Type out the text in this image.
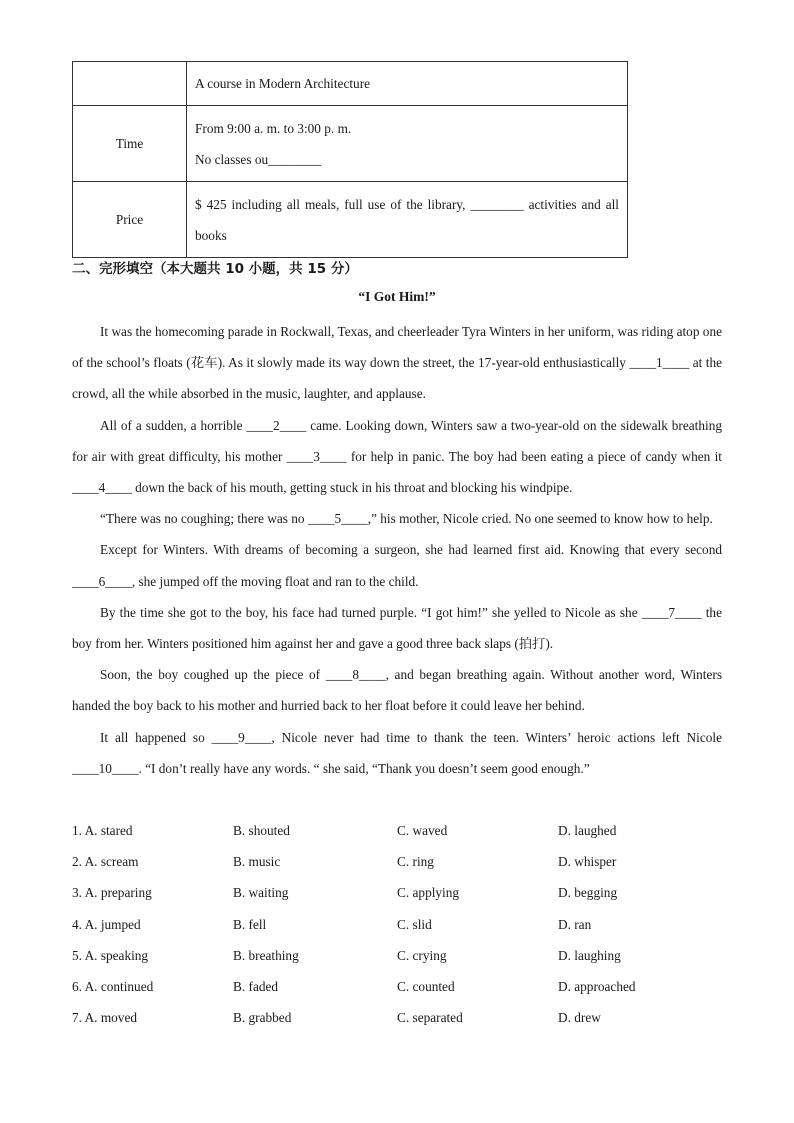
	A course in Modern Architecture
Time	From 9:00 a. m. to 3:00 p. m.
No classes ou________

Price	$ 425 including all meals, full use of the library, ________ activities and all books
二、完形填空（本大题共 10 小题，共 15 分）
“I Got Him!”

It was the homecoming parade in Rockwall, Texas, and cheerleader Tyra Winters in her uniform, was riding atop one of the school’s floats (花车). As it slowly made its way down the street, the 17-year-old enthusiastically ____1____ at the crowd, all the while absorbed in the music, laughter, and applause.

All of a sudden, a horrible ____2____ came. Looking down, Winters saw a two-year-old on the sidewalk breathing for air with great difficulty, his mother ____3____ for help in panic. The boy had been eating a piece of candy when it ____4____ down the back of his mouth, getting stuck in his throat and blocking his windpipe.

“There was no coughing; there was no ____5____,” his mother, Nicole cried. No one seemed to know how to help.

Except for Winters. With dreams of becoming a surgeon, she had learned first aid. Knowing that every second ____6____, she jumped off the moving float and ran to the child.

By the time she got to the boy, his face had turned purple. “I got him!” she yelled to Nicole as she ____7____ the boy from her. Winters positioned him against her and gave a good three back slaps (拍打).

Soon, the boy coughed up the piece of ____8____, and began breathing again. Without another word, Winters handed the boy back to his mother and hurried back to her float before it could leave her behind.

It all happened so ____9____, Nicole never had time to thank the teen. Winters’ heroic actions left Nicole ____10____. “I don’t really have any words. “ she said, “Thank you doesn’t seem good enough.”

1. A. stared	B. shouted	C. waved	D. laughed
2. A. scream	B. music	C. ring	D. whisper
3. A. preparing	B. waiting	C. applying	D. begging
4. A. jumped	B. fell	C. slid	D. ran
5. A. speaking	B. breathing	C. crying	D. laughing
6. A. continued	B. faded	C. counted	D. approached
7. A. moved	B. grabbed	C. separated	D. drew
